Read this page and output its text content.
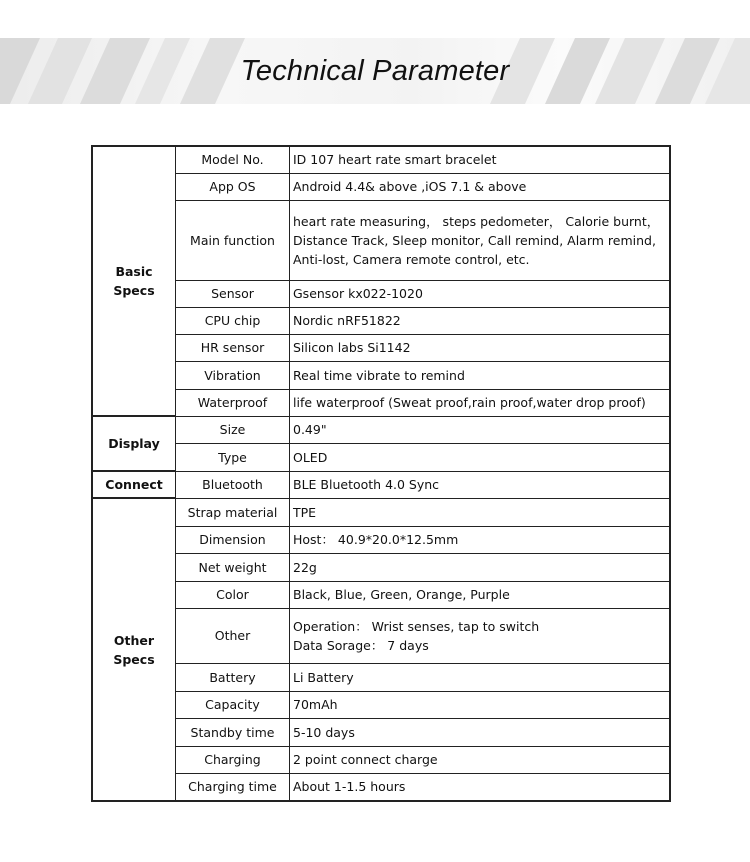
Technical Parameter
Basic
Specs	Model No.	ID 107 heart rate smart bracelet

	App OS	Android 4.4& above ,iOS 7.1 & above

	Main function	heart rate measuring， steps pedometer， Calorie burnt，
Distance Track, Sleep monitor, Call remind, Alarm remind,
Anti-lost, Camera remote control, etc.

	Sensor	Gsensor kx022-1020

	CPU chip	Nordic nRF51822

	HR sensor	Silicon labs Si1142

	Vibration	Real time vibrate to remind

	Waterproof	life waterproof (Sweat proof,rain proof,water drop proof)

Display	Size	0.49"

	Type	OLED

Connect	Bluetooth	BLE Bluetooth 4.0 Sync

Other
Specs	Strap material	TPE

	Dimension	Host： 40.9*20.0*12.5mm

	Net weight	22g

	Color	Black, Blue, Green, Orange, Purple

	Other	Operation： Wrist senses, tap to switch
Data Sorage： 7 days

	Battery	Li Battery

	Capacity	70mAh

	Standby time	5-10 days

	Charging	2 point connect charge

	Charging time	About 1-1.5 hours
